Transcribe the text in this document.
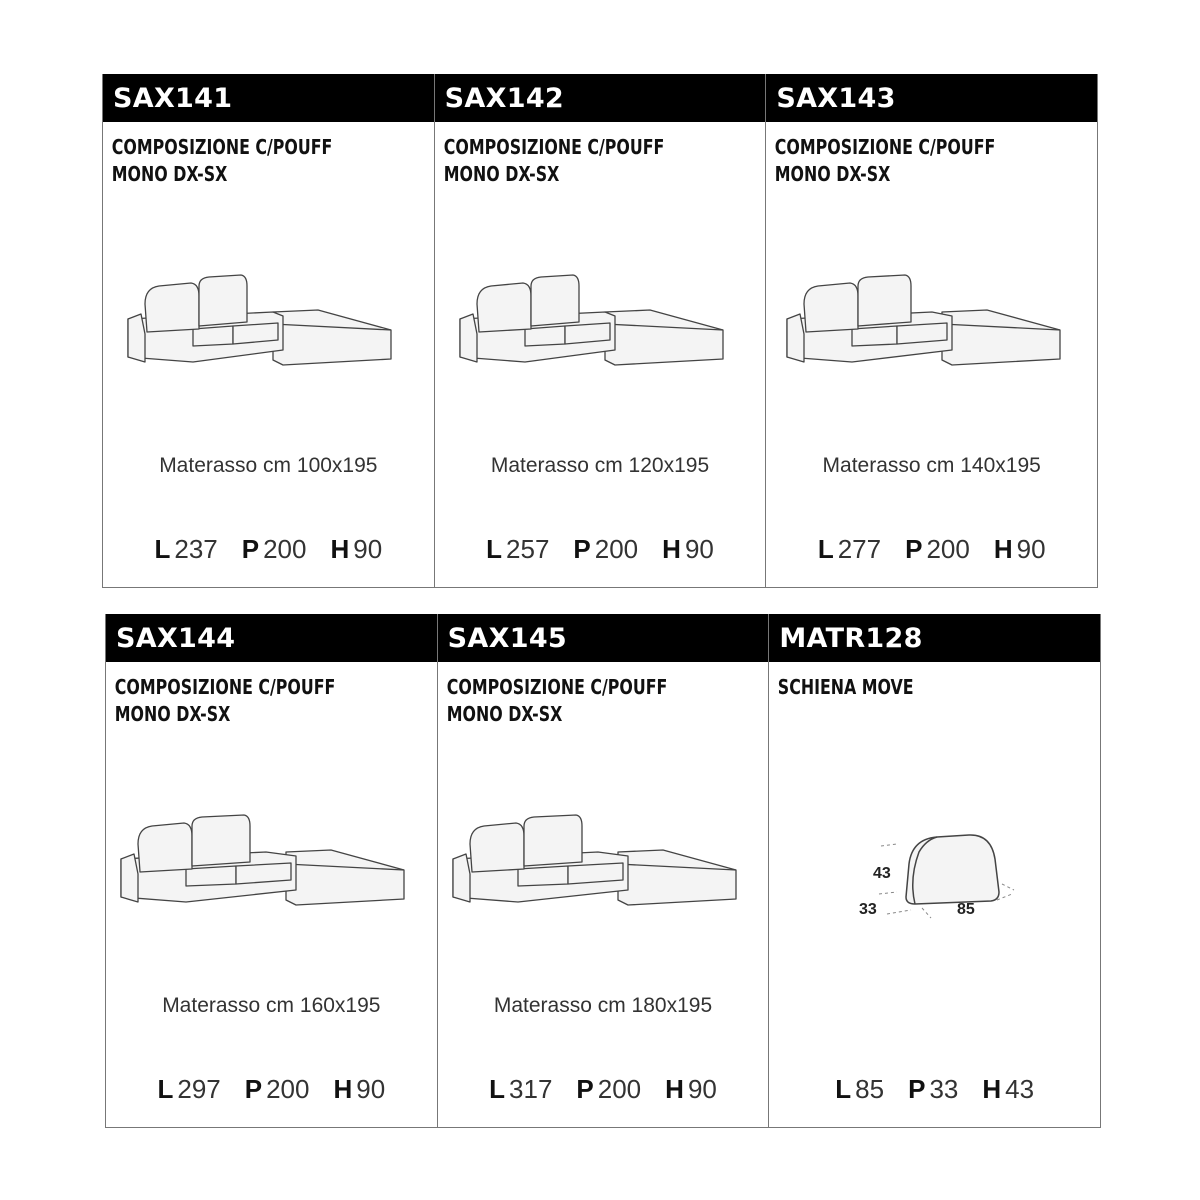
SAX141
COMPOSIZIONE C/POUFF
MONO DX-SX
Materasso cm 100x195
L 237 P 200 H 90
SAX142
COMPOSIZIONE C/POUFF
MONO DX-SX
Materasso cm 120x195
L 257 P 200 H 90
SAX143
COMPOSIZIONE C/POUFF
MONO DX-SX
Materasso cm 140x195
L 277 P 200 H 90
SAX144
COMPOSIZIONE C/POUFF
MONO DX-SX
Materasso cm 160x195
L 297 P 200 H 90
SAX145
COMPOSIZIONE C/POUFF
MONO DX-SX
Materasso cm 180x195
L 317 P 200 H 90
MATR128
SCHIENA MOVE
43
33	85
L 85 P 33 H 43
